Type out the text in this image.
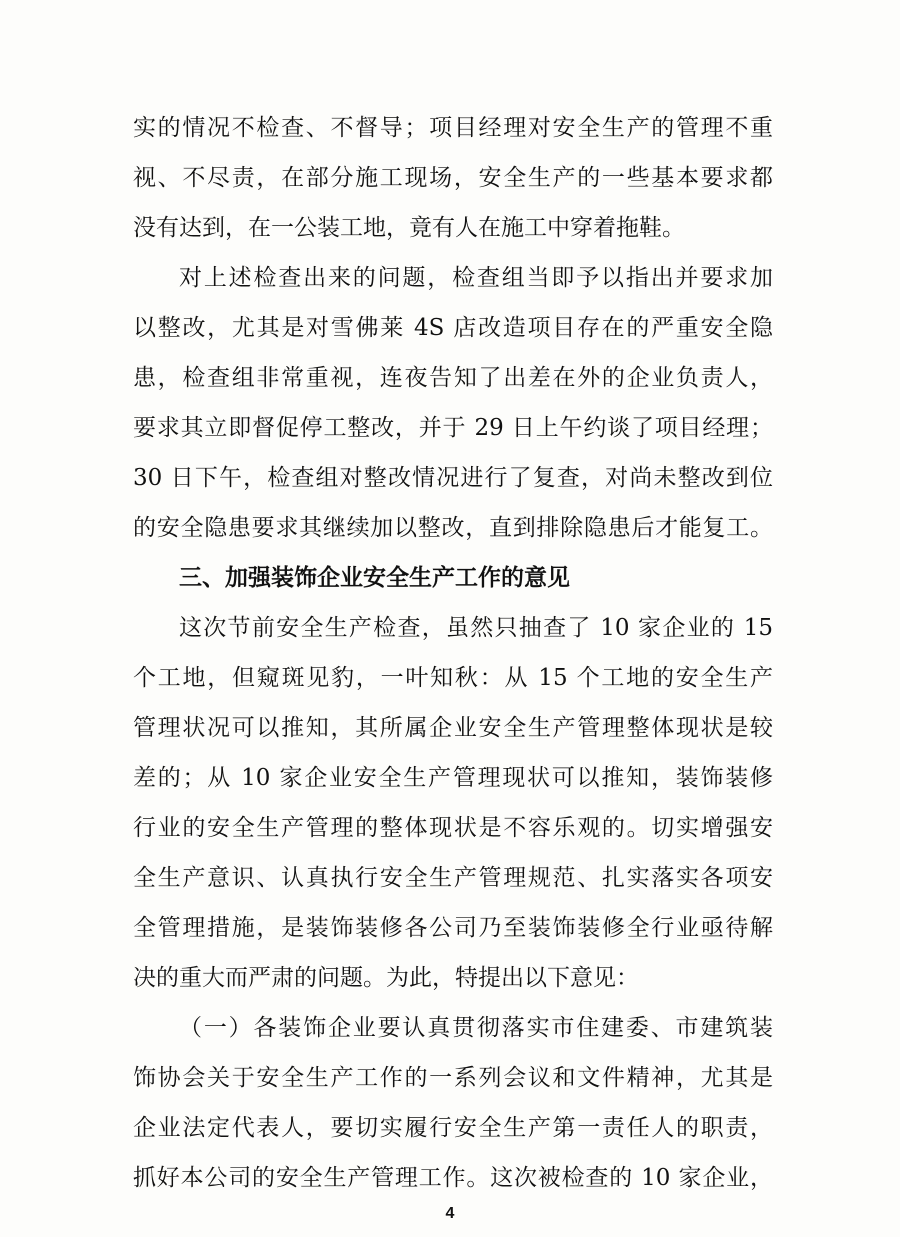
实的情况不检查、不督导；项目经理对安全生产的管理不重
视、不尽责，在部分施工现场，安全生产的一些基本要求都
没有达到，在一公装工地，竟有人在施工中穿着拖鞋。
对上述检查出来的问题，检查组当即予以指出并要求加
以整改，尤其是对雪佛莱 4S 店改造项目存在的严重安全隐
患，检查组非常重视，连夜告知了出差在外的企业负责人，
要求其立即督促停工整改，并于 29 日上午约谈了项目经理；
30 日下午，检查组对整改情况进行了复查，对尚未整改到位
的安全隐患要求其继续加以整改，直到排除隐患后才能复工。
三、加强装饰企业安全生产工作的意见
这次节前安全生产检查，虽然只抽查了 10 家企业的 15
个工地，但窥斑见豹，一叶知秋：从 15 个工地的安全生产
管理状况可以推知，其所属企业安全生产管理整体现状是较
差的；从 10 家企业安全生产管理现状可以推知，装饰装修
行业的安全生产管理的整体现状是不容乐观的。切实增强安
全生产意识、认真执行安全生产管理规范、扎实落实各项安
全管理措施，是装饰装修各公司乃至装饰装修全行业亟待解
决的重大而严肃的问题。为此，特提出以下意见：
（一）各装饰企业要认真贯彻落实市住建委、市建筑装
饰协会关于安全生产工作的一系列会议和文件精神，尤其是
企业法定代表人，要切实履行安全生产第一责任人的职责，
抓好本公司的安全生产管理工作。这次被检查的 10 家企业，
4
